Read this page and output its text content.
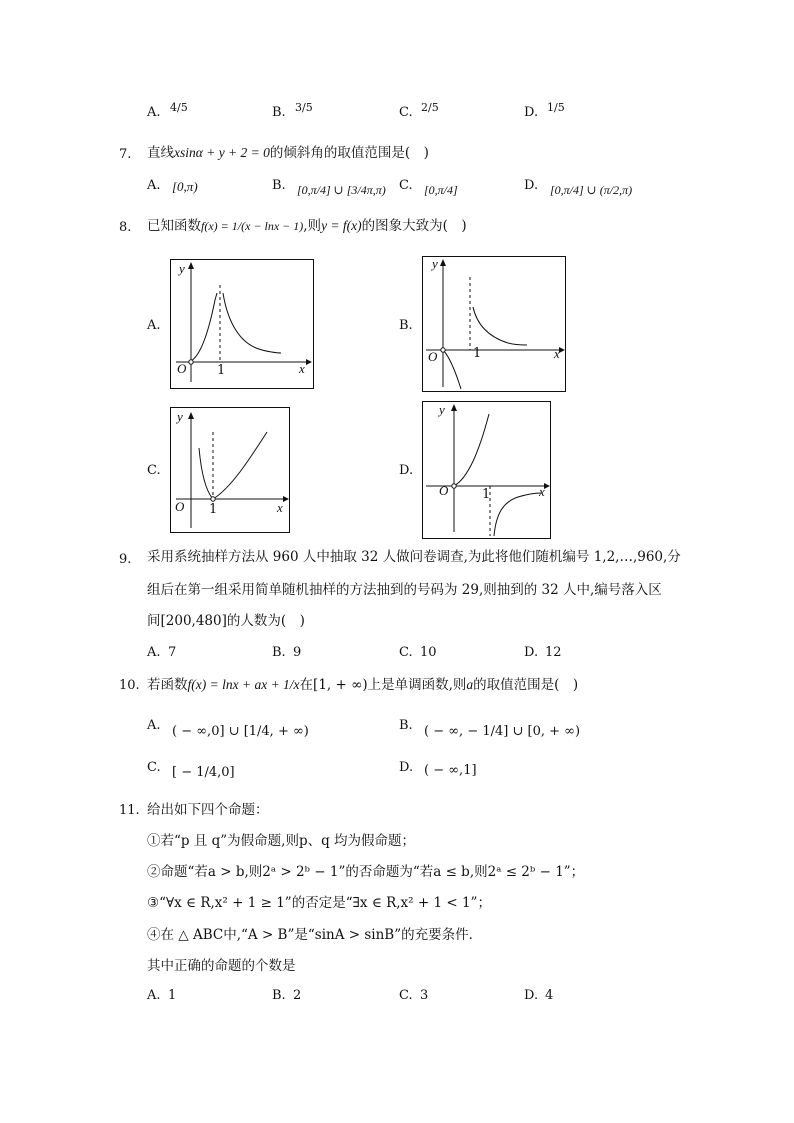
A. 4/5	B. 3/5	C. 2/5	D. 1/5
7. 直线xsinα + y + 2 = 0的倾斜角的取值范围是(　)
A. [0,π)	B. [0,π/4] ∪ [3/4π,π) C. [0,π/4]	D. [0,π/4] ∪ (π/2,π)
8. 已知函数f(x) = 1/(x − lnx − 1),则y = f(x)的图象大致为(　)
A.
y
x
O 1
B.
y
x
O	1
C.
y
x
O 1
D.
y
x
O	1
9. 采用系统抽样方法从 960 人中抽取 32 人做问卷调查,为此将他们随机编号 1,2,…,960,分
组后在第一组采用简单随机抽样的方法抽到的号码为 29,则抽到的 32 人中,编号落入区
间[200,480]的人数为(　)
A. 7	B. 9	C. 10	D. 12
10. 若函数f(x) = lnx + ax + 1/x在[1, + ∞)上是单调函数,则a的取值范围是(　)
A. ( − ∞,0] ∪ [1/4, + ∞)	B. ( − ∞, − 1/4] ∪ [0, + ∞)
C. [ − 1/4,0]	D. ( − ∞,1]
11. 给出如下四个命题：
①若“p 且 q”为假命题,则p、q 均为假命题；
②命题“若a > b,则2ᵃ > 2ᵇ − 1”的否命题为“若a ≤ b,则2ᵃ ≤ 2ᵇ − 1”；
③“∀x ∈ R,x² + 1 ≥ 1”的否定是“∃x ∈ R,x² + 1 < 1”；
④在 △ ABC中,“A > B”是“sinA > sinB”的充要条件．
其中正确的命题的个数是
A. 1	B. 2	C. 3	D. 4
